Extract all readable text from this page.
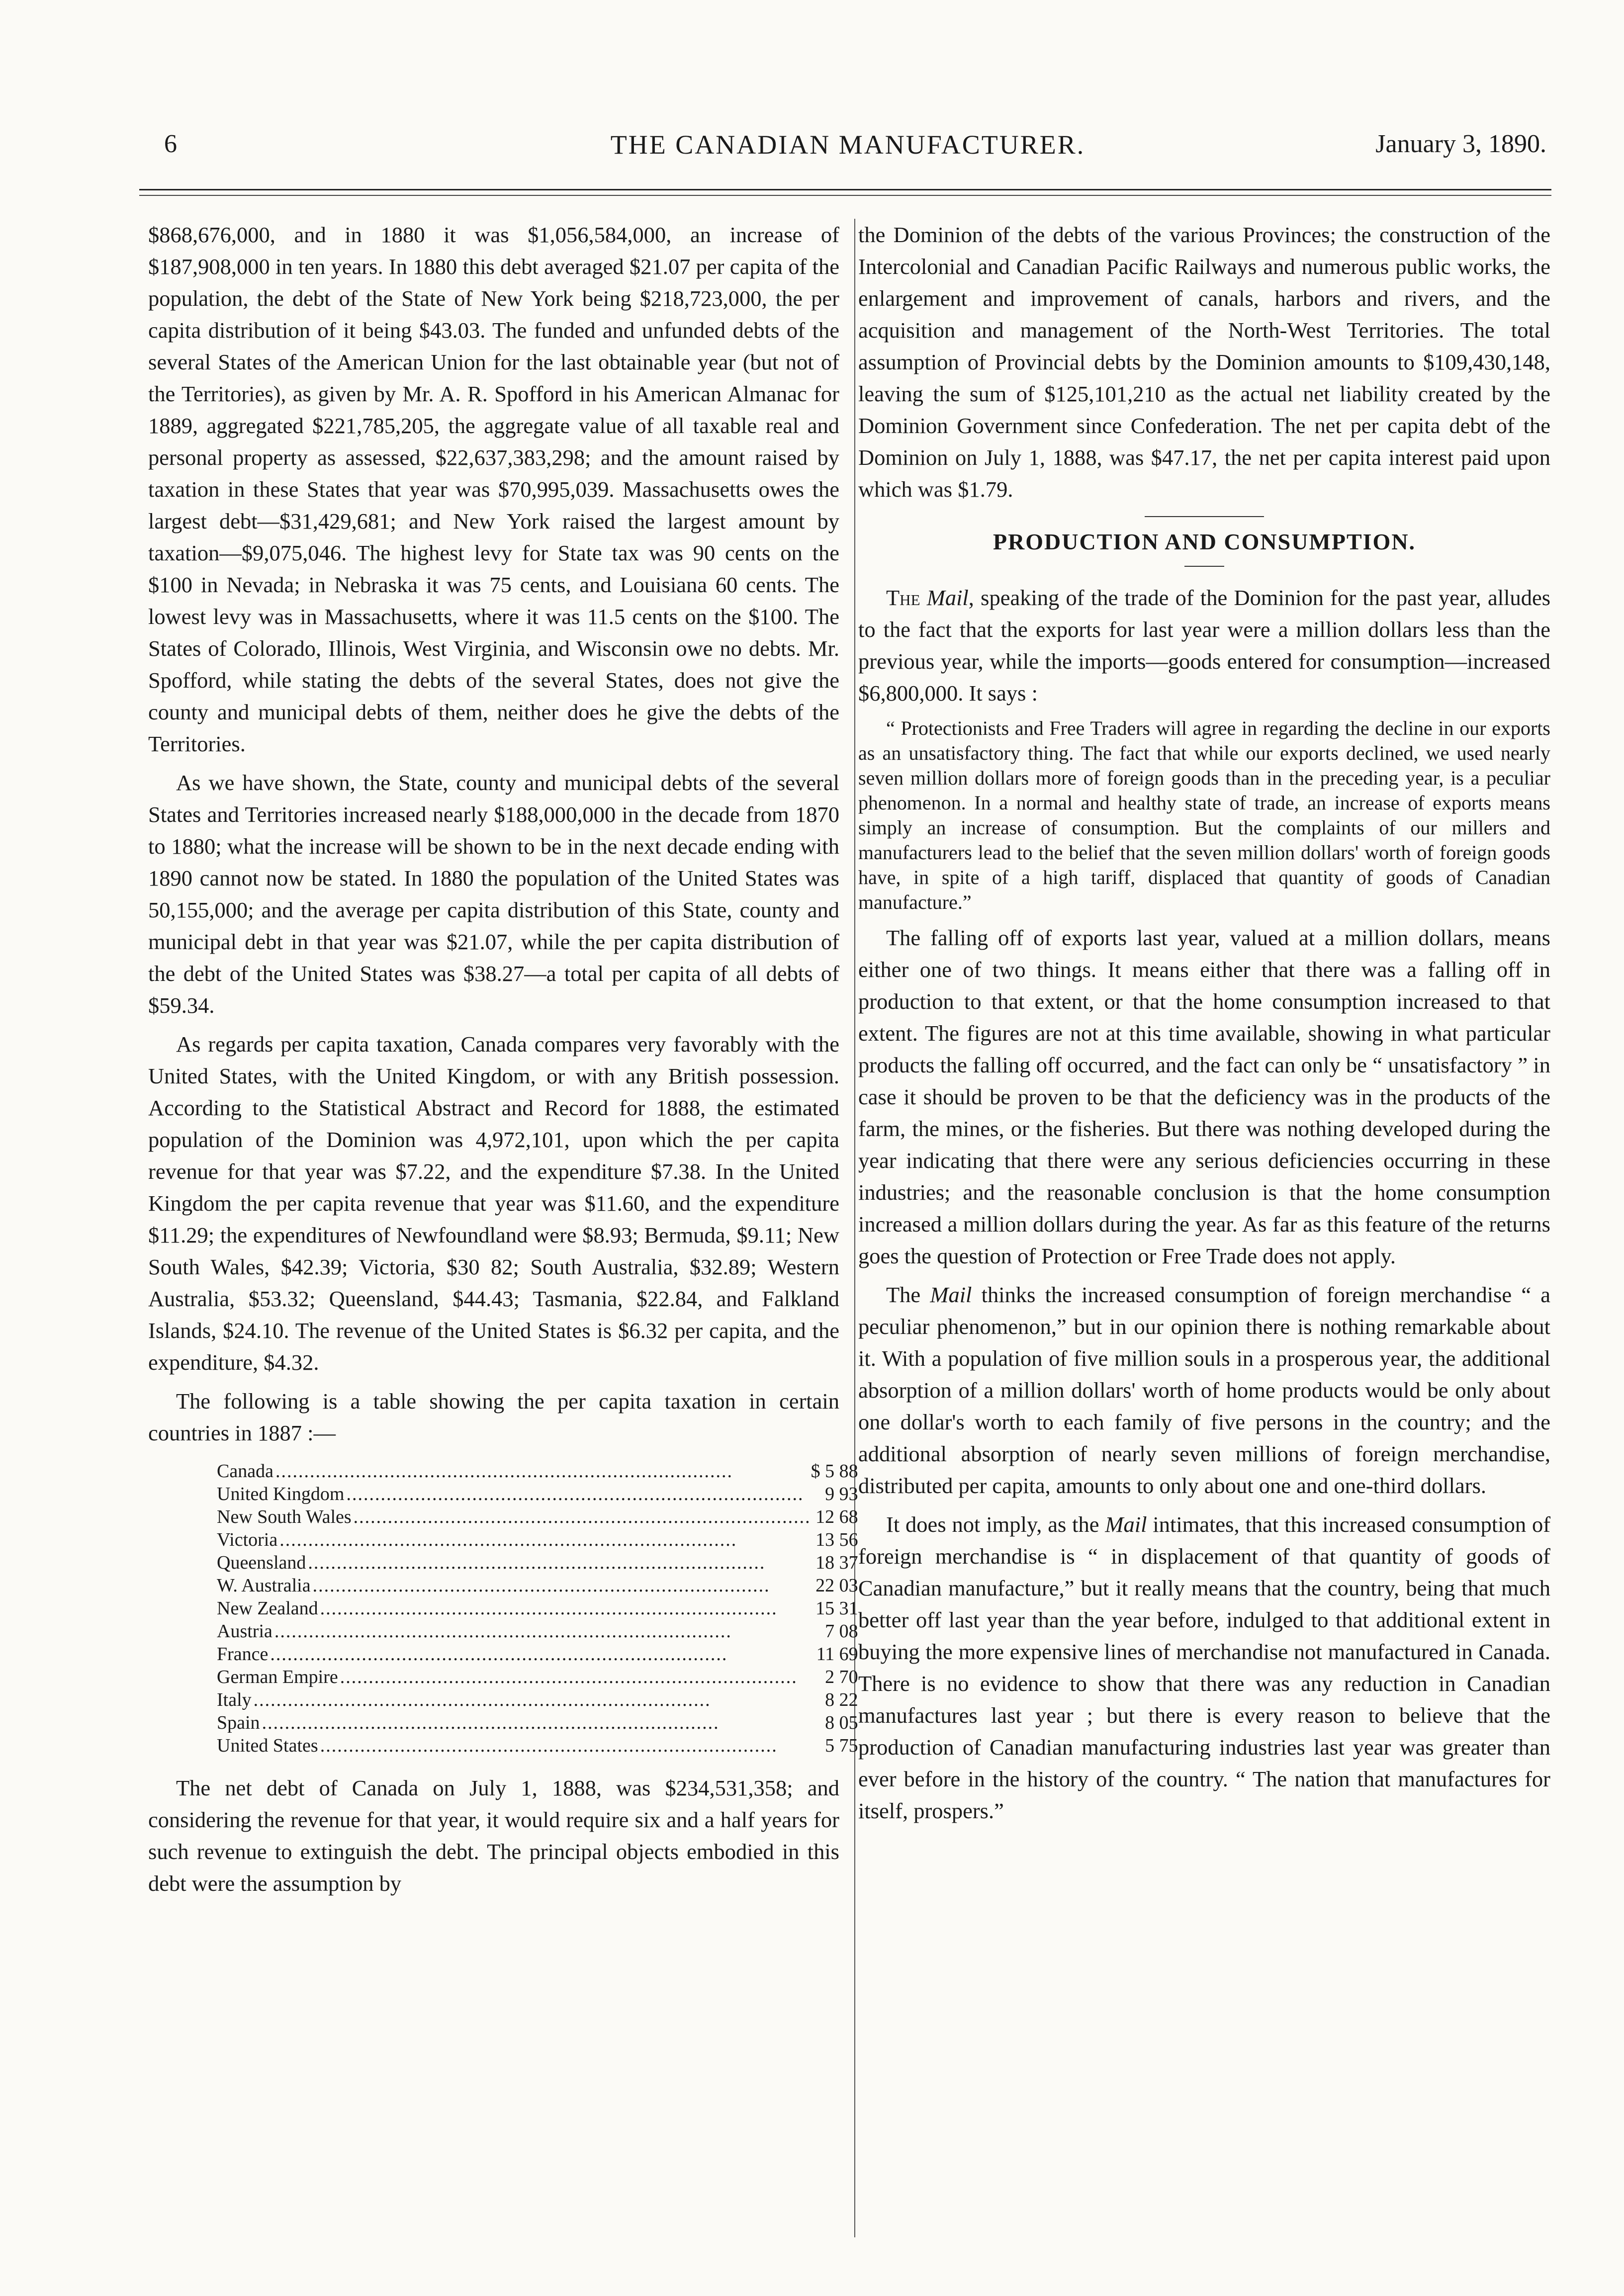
6	THE CANADIAN MANUFACTURER.	January 3, 1890.

$868,676,000, and in 1880 it was $1,056,584,000, an increase of $187,908,000 in ten years. In 1880 this debt averaged $21.07 per capita of the population, the debt of the State of New York being $218,723,000, the per capita distribution of it being $43.03. The funded and unfunded debts of the several States of the American Union for the last obtainable year (but not of the Territories), as given by Mr. A. R. Spofford in his American Almanac for 1889, aggregated $221,785,205, the aggregate value of all taxable real and personal property as assessed, $22,637,383,298; and the amount raised by taxation in these States that year was $70,995,039. Massachusetts owes the largest debt—$31,429,681; and New York raised the largest amount by taxation—$9,075,046. The highest levy for State tax was 90 cents on the $100 in Nevada; in Nebraska it was 75 cents, and Louisiana 60 cents. The lowest levy was in Massachusetts, where it was 11.5 cents on the $100. The States of Colorado, Illinois, West Virginia, and Wisconsin owe no debts. Mr. Spofford, while stating the debts of the several States, does not give the county and municipal debts of them, neither does he give the debts of the Territories.

As we have shown, the State, county and municipal debts of the several States and Territories increased nearly $188,000,000 in the decade from 1870 to 1880; what the increase will be shown to be in the next decade ending with 1890 cannot now be stated. In 1880 the population of the United States was 50,155,000; and the average per capita distribution of this State, county and municipal debt in that year was $21.07, while the per capita distribution of the debt of the United States was $38.27—a total per capita of all debts of $59.34.

As regards per capita taxation, Canada compares very favorably with the United States, with the United Kingdom, or with any British possession. According to the Statistical Abstract and Record for 1888, the estimated population of the Dominion was 4,972,101, upon which the per capita revenue for that year was $7.22, and the expenditure $7.38. In the United Kingdom the per capita revenue that year was $11.60, and the expenditure $11.29; the expenditures of Newfoundland were $8.93; Bermuda, $9.11; New South Wales, $42.39; Victoria, $30 82; South Australia, $32.89; Western Australia, $53.32; Queensland, $44.43; Tasmania, $22.84, and Falkland Islands, $24.10. The revenue of the United States is $6.32 per capita, and the expenditure, $4.32.

The following is a table showing the per capita taxation in certain countries in 1887 :—

Canada ................................................................................	$ 5 88
United Kingdom ................................................................................	9 93
New South Wales ................................................................................	12 68
Victoria ................................................................................	13 56
Queensland ................................................................................	18 37
W. Australia ................................................................................	22 03
New Zealand ................................................................................	15 31
Austria ................................................................................	7 08
France ................................................................................	11 69
German Empire ................................................................................	2 70
Italy ................................................................................	8 22
Spain ................................................................................	8 05
United States ................................................................................	5 75

The net debt of Canada on July 1, 1888, was $234,531,358; and considering the revenue for that year, it would require six and a half years for such revenue to extinguish the debt. The principal objects embodied in this debt were the assumption by

the Dominion of the debts of the various Provinces; the construction of the Intercolonial and Canadian Pacific Railways and numerous public works, the enlargement and improvement of canals, harbors and rivers, and the acquisition and management of the North-West Territories. The total assumption of Provincial debts by the Dominion amounts to $109,430,148, leaving the sum of $125,101,210 as the actual net liability created by the Dominion Government since Confederation. The net per capita debt of the Dominion on July 1, 1888, was $47.17, the net per capita interest paid upon which was $1.79.

PRODUCTION AND CONSUMPTION.

The Mail, speaking of the trade of the Dominion for the past year, alludes to the fact that the exports for last year were a million dollars less than the previous year, while the imports—goods entered for consumption—increased $6,800,000. It says :

“ Protectionists and Free Traders will agree in regarding the decline in our exports as an unsatisfactory thing. The fact that while our exports declined, we used nearly seven million dollars more of foreign goods than in the preceding year, is a peculiar phenomenon. In a normal and healthy state of trade, an increase of exports means simply an increase of consumption. But the complaints of our millers and manufacturers lead to the belief that the seven million dollars' worth of foreign goods have, in spite of a high tariff, displaced that quantity of goods of Canadian manufacture.”

The falling off of exports last year, valued at a million dollars, means either one of two things. It means either that there was a falling off in production to that extent, or that the home consumption increased to that extent. The figures are not at this time available, showing in what particular products the falling off occurred, and the fact can only be “ unsatisfactory ” in case it should be proven to be that the deficiency was in the products of the farm, the mines, or the fisheries. But there was nothing developed during the year indicating that there were any serious deficiencies occurring in these industries; and the reasonable conclusion is that the home consumption increased a million dollars during the year. As far as this feature of the returns goes the question of Protection or Free Trade does not apply.

The Mail thinks the increased consumption of foreign merchandise “ a peculiar phenomenon,” but in our opinion there is nothing remarkable about it. With a population of five million souls in a prosperous year, the additional absorption of a million dollars' worth of home products would be only about one dollar's worth to each family of five persons in the country; and the additional absorption of nearly seven millions of foreign merchandise, distributed per capita, amounts to only about one and one-third dollars.

It does not imply, as the Mail intimates, that this increased consumption of foreign merchandise is “ in displacement of that quantity of goods of Canadian manufacture,” but it really means that the country, being that much better off last year than the year before, indulged to that additional extent in buying the more expensive lines of merchandise not manufactured in Canada. There is no evidence to show that there was any reduction in Canadian manufactures last year ; but there is every reason to believe that the production of Canadian manufacturing industries last year was greater than ever before in the history of the country. “ The nation that manufactures for itself, prospers.”
